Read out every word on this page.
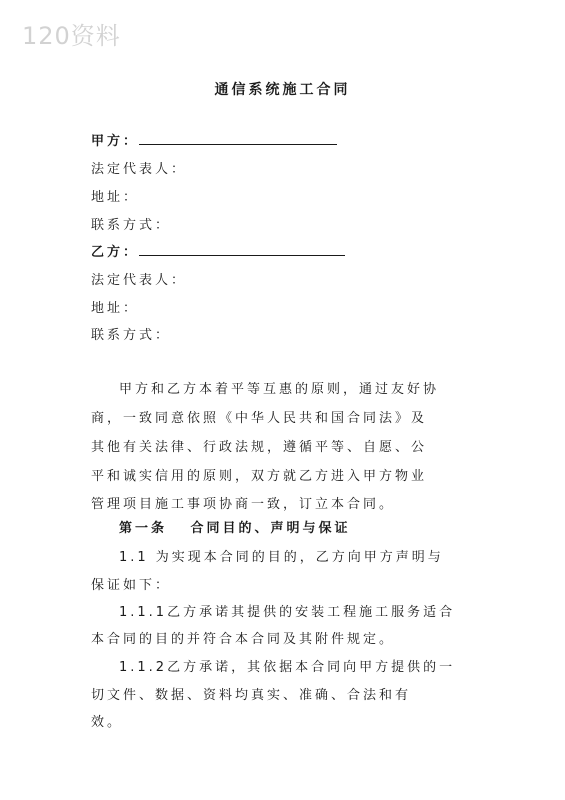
120资料
通信系统施工合同
甲方：
法定代表人：
地址：
联系方式：
乙方：
法定代表人：
地址：
联系方式：
甲方和乙方本着平等互惠的原则，通过友好协
商，一致同意依照《中华人民共和国合同法》及
其他有关法律、行政法规，遵循平等、自愿、公
平和诚实信用的原则，双方就乙方进入甲方物业
管理项目施工事项协商一致，订立本合同。
第一条　 合同目的、声明与保证
1.1 为实现本合同的目的，乙方向甲方声明与
保证如下：
1.1.1乙方承诺其提供的安装工程施工服务适合
本合同的目的并符合本合同及其附件规定。
1.1.2乙方承诺，其依据本合同向甲方提供的一
切文件、数据、资料均真实、准确、合法和有
效。
